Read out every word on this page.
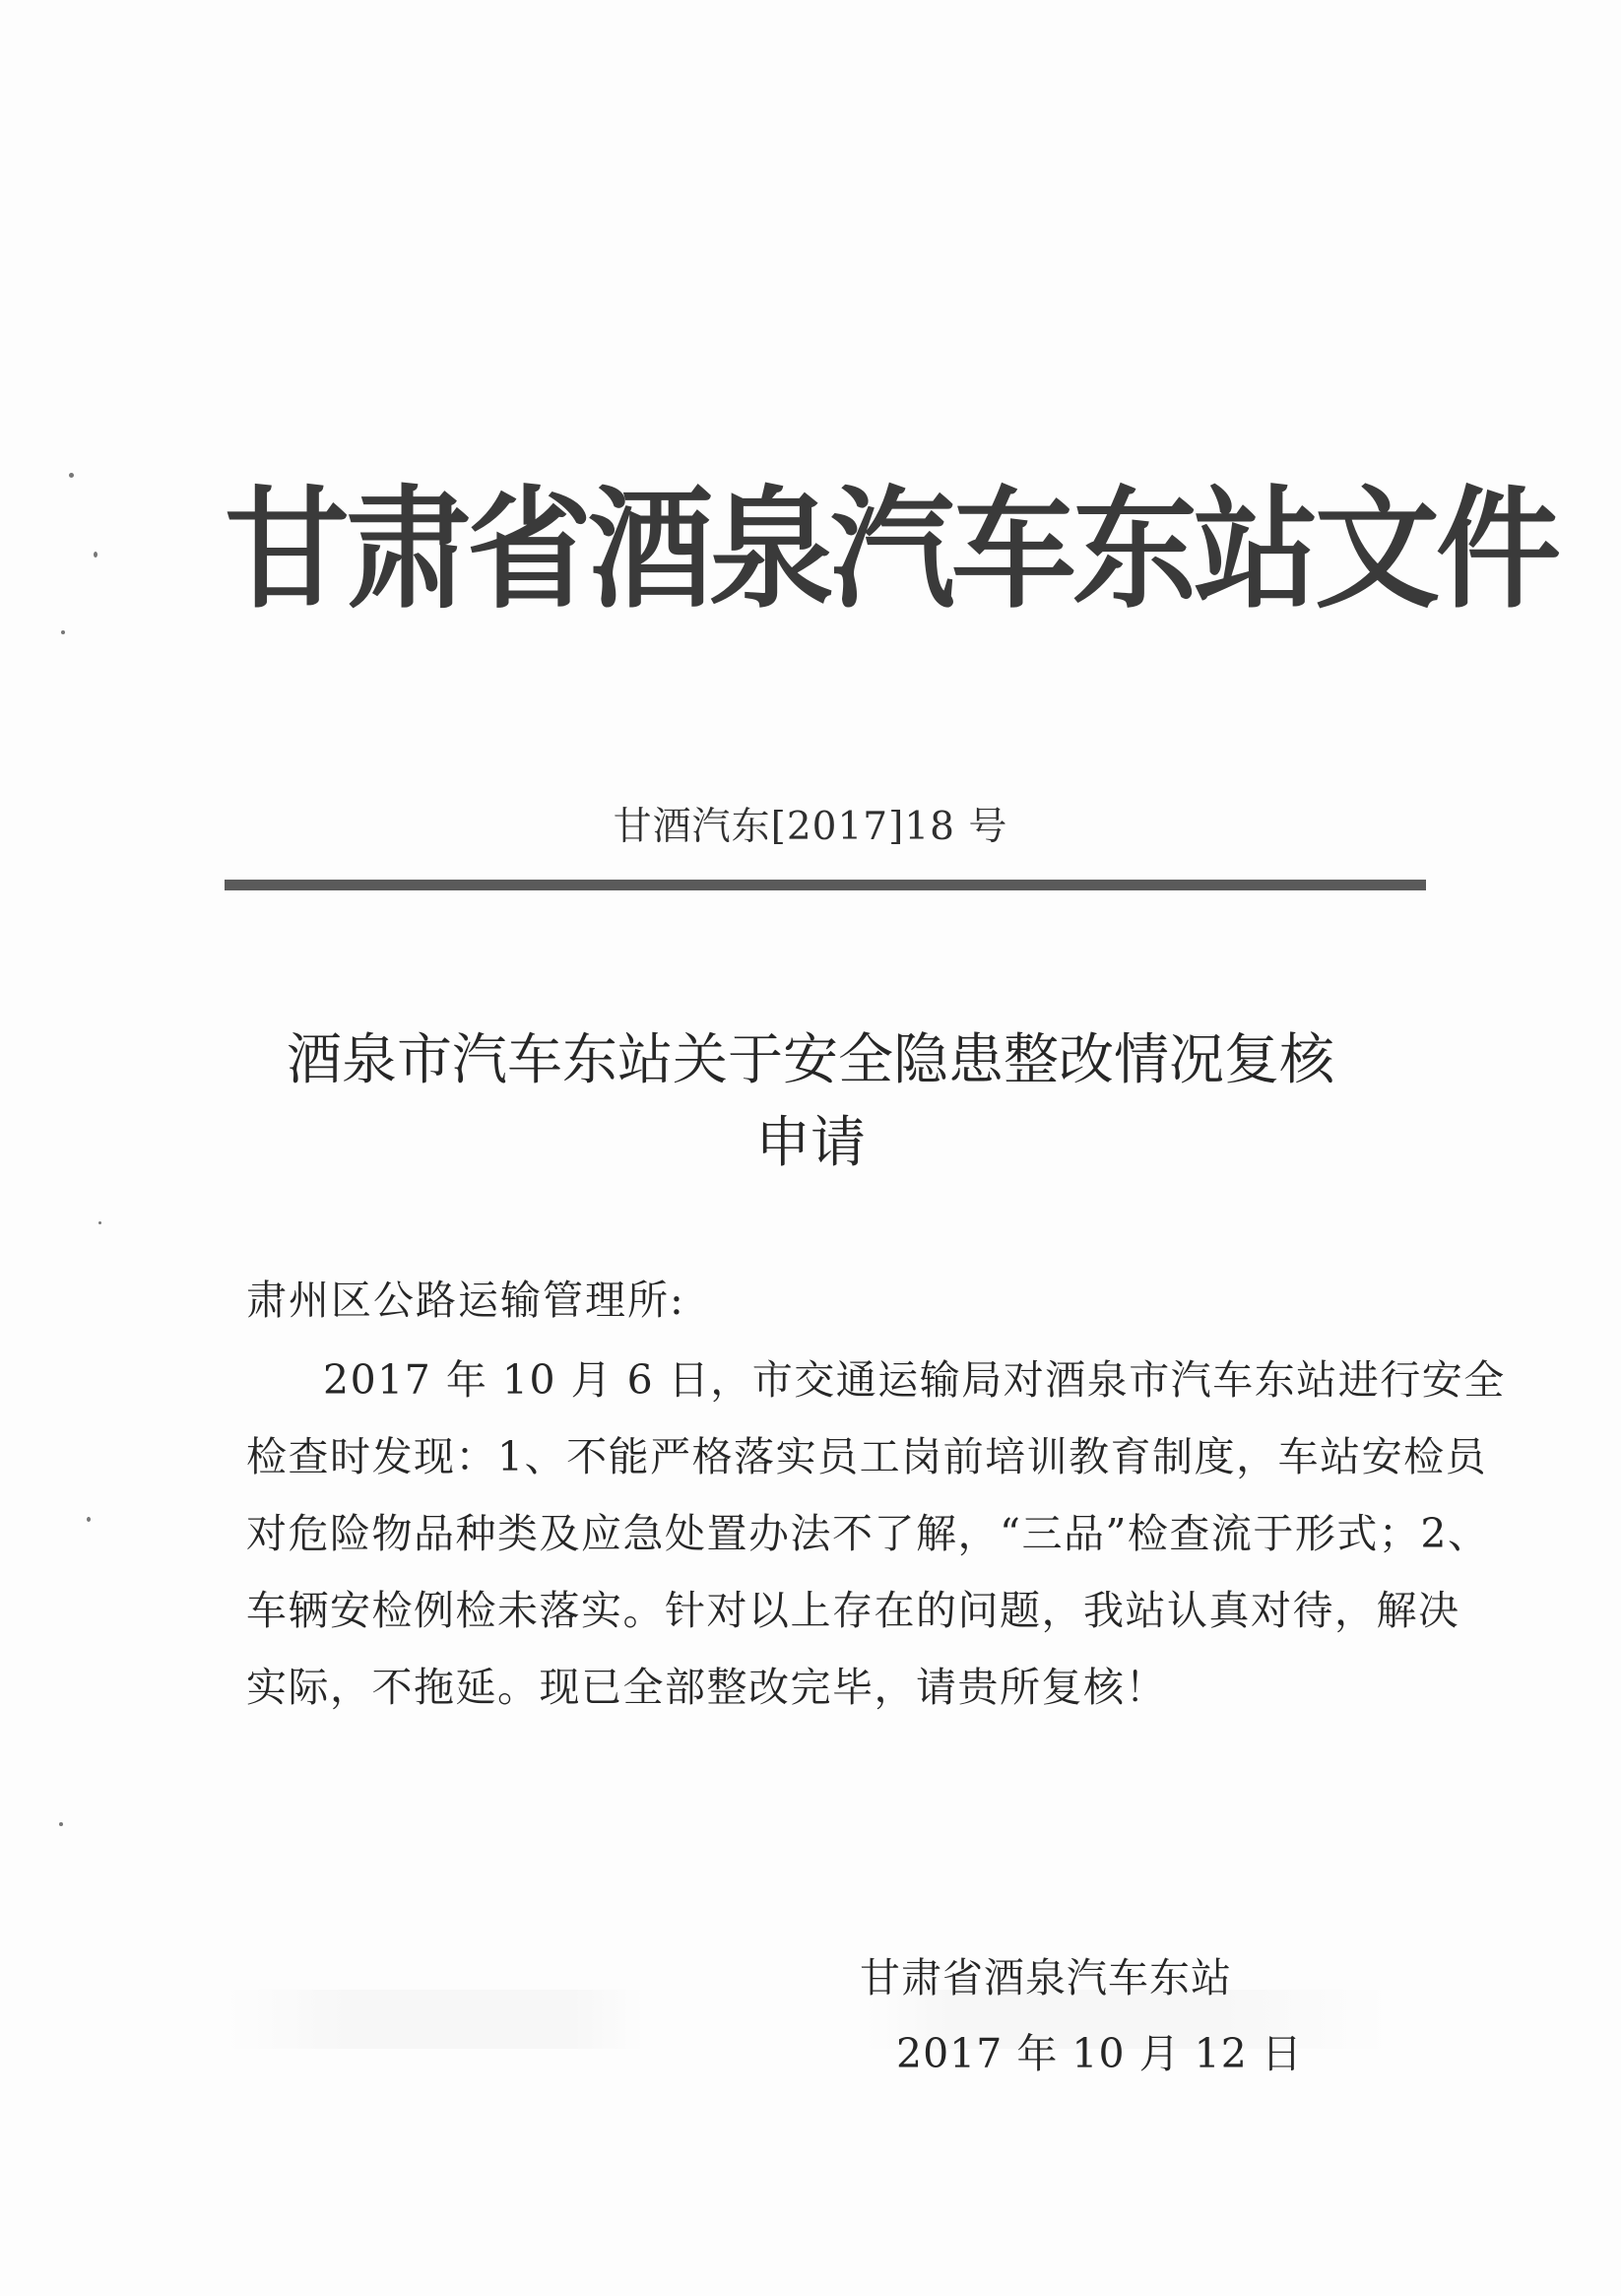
甘肃省酒泉汽车东站文件
甘酒汽东[2017]18 号
酒泉市汽车东站关于安全隐患整改情况复核
申请
肃州区公路运输管理所:
2017 年 10 月 6 日，市交通运输局对酒泉市汽车东站进行安全
检查时发现：1、不能严格落实员工岗前培训教育制度，车站安检员
对危险物品种类及应急处置办法不了解，“三品”检查流于形式；2、
车辆安检例检未落实。针对以上存在的问题，我站认真对待，解决
实际，不拖延。现已全部整改完毕，请贵所复核！
甘肃省酒泉汽车东站
2017 年 10 月 12 日
